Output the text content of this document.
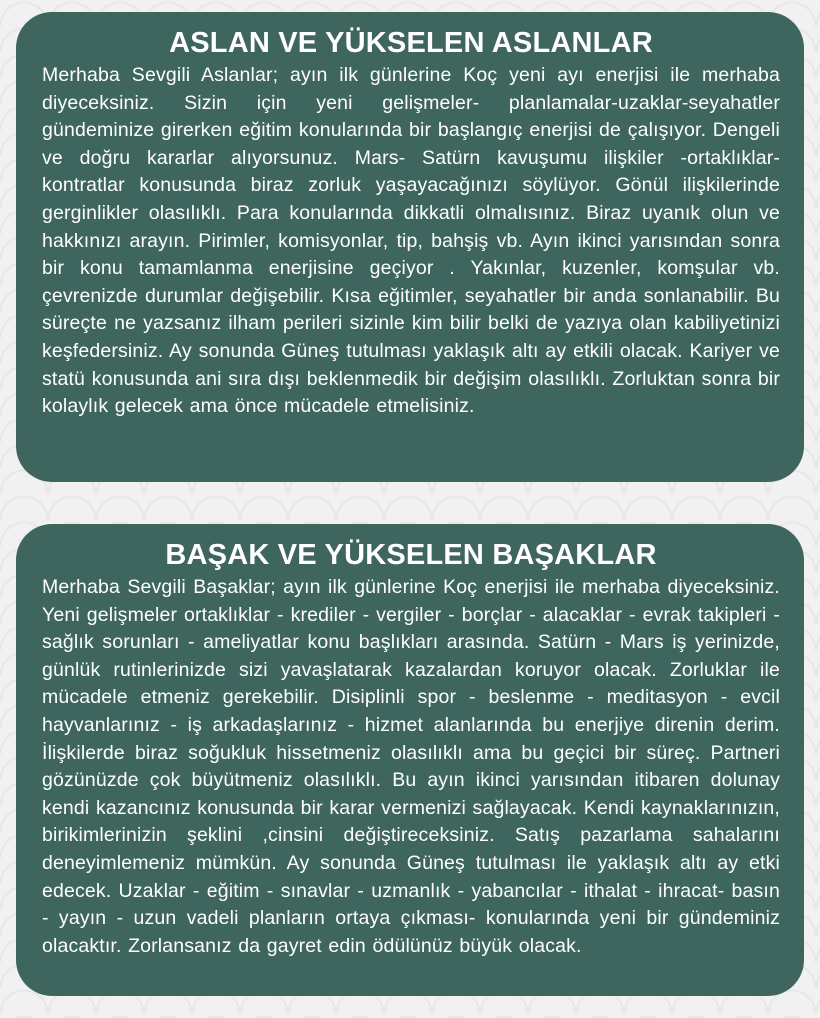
ASLAN VE YÜKSELEN ASLANLAR

Merhaba Sevgili Aslanlar; ayın ilk günlerine Koç yeni ayı enerjisi ile merhaba diyeceksiniz. Sizin için yeni gelişmeler- planlamalar-uzaklar-seyahatler gündeminize girerken eğitim konularında bir başlangıç enerjisi de çalışıyor. Dengeli ve doğru kararlar alıyorsunuz. Mars- Satürn kavuşumu ilişkiler -ortaklıklar- kontratlar konusunda biraz zorluk yaşayacağınızı söylüyor. Gönül ilişkilerinde gerginlikler olasılıklı. Para konularında dikkatli olmalısınız. Biraz uyanık olun ve hakkınızı arayın. Pirimler, komisyonlar, tip, bahşiş vb. Ayın ikinci yarısından sonra bir konu tamamlanma enerjisine geçiyor . Yakınlar, kuzenler, komşular vb. çevrenizde durumlar değişebilir. Kısa eğitimler, seyahatler bir anda sonlanabilir. Bu süreçte ne yazsanız ilham perileri sizinle kim bilir belki de yazıya olan kabiliyetinizi keşfedersiniz. Ay sonunda Güneş tutulması yaklaşık altı ay etkili olacak. Kariyer ve statü konusunda ani sıra dışı beklenmedik bir değişim olasılıklı. Zorluktan sonra bir kolaylık gelecek ama önce mücadele etmelisiniz.

BAŞAK VE YÜKSELEN BAŞAKLAR

Merhaba Sevgili Başaklar; ayın ilk günlerine Koç enerjisi ile merhaba diyeceksiniz. Yeni gelişmeler ortaklıklar - krediler - vergiler - borçlar - alacaklar - evrak takipleri - sağlık sorunları - ameliyatlar konu başlıkları arasında. Satürn - Mars iş yerinizde, günlük rutinlerinizde sizi yavaşlatarak kazalardan koruyor olacak. Zorluklar ile mücadele etmeniz gerekebilir. Disiplinli spor - beslenme - meditasyon - evcil hayvanlarınız - iş arkadaşlarınız - hizmet alanlarında bu enerjiye direnin derim. İlişkilerde biraz soğukluk hissetmeniz olasılıklı ama bu geçici bir süreç. Partneri gözünüzde çok büyütmeniz olasılıklı. Bu ayın ikinci yarısından itibaren dolunay kendi kazancınız konusunda bir karar vermenizi sağlayacak. Kendi kaynaklarınızın, birikimlerinizin şeklini ,cinsini değiştireceksiniz. Satış pazarlama sahalarını deneyimlemeniz mümkün. Ay sonunda Güneş tutulması ile yaklaşık altı ay etki edecek. Uzaklar - eğitim - sınavlar - uzmanlık - yabancılar - ithalat - ihracat- basın - yayın - uzun vadeli planların ortaya çıkması- konularında yeni bir gündeminiz olacaktır. Zorlansanız da gayret edin ödülünüz büyük olacak.
